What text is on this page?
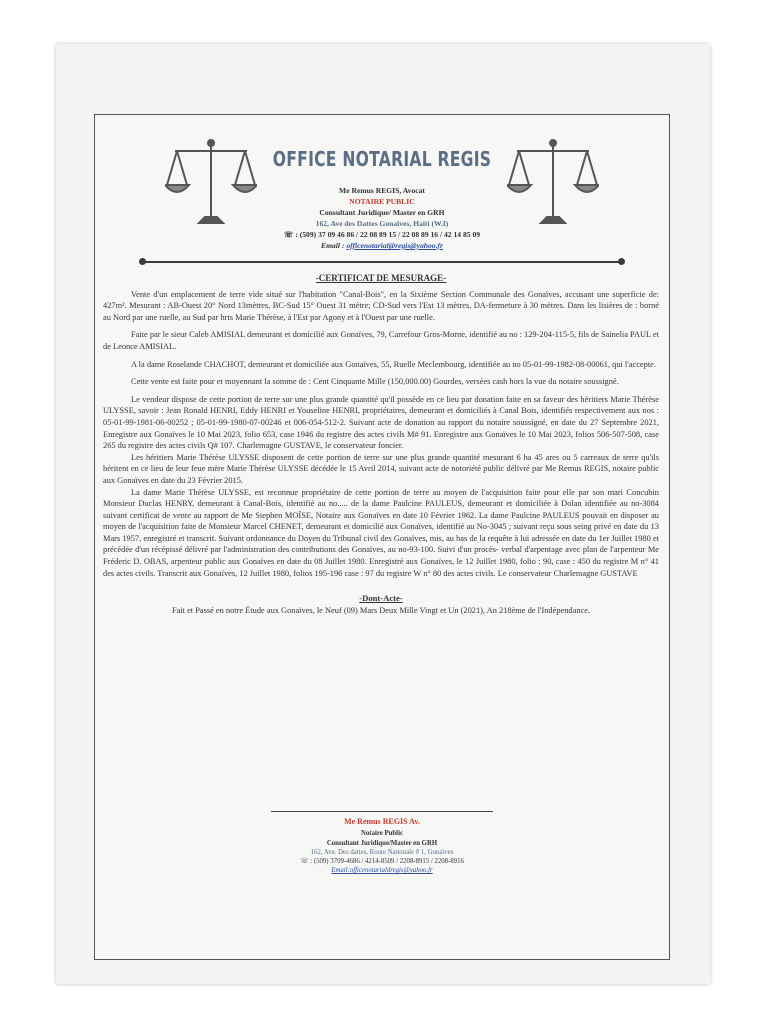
OFFICE NOTARIAL REGIS
Me Remus REGIS, Avocat
NOTAIRE PUBLIC
Consultant Juridique/ Master en GRH
162, Ave des Dattes Gonaïves, Haiti (W.I)
☏ : (509) 37 09 46 86 / 22 08 89 15 / 22 08 89 16 / 42 14 85 09
Email : officenotarial@regis@yahoo.fr
-CERTIFICAT DE MESURAGE-

Vente d'un emplacement de terre vide situé sur l'habitation "Canal-Bois", en la Sixième Section Communale des Gonaïves, accusant une superficie de: 427m². Mesurant : AB-Ouest 20° Nord 13mètres, BC-Sud 15° Ouest 31 mètre; CD-Sud vers l'Est 13 mètres, DA-fermeture à 30 mètres. Dans les lisières de : borné au Nord par une ruelle, au Sud par hrts Marie Thérèse, à l'Est par Agony et à l'Ouest par une ruelle.

Faite par le sieur Caleb AMISIAL demeurant et domicilié aux Gonaïves, 79, Carrefour Gros-Morne, identifié au no : 129-204-115-5, fils de Sainelia PAUL et de Leonce AMISIAL.

A la dame Roselande CHACHOT, demeurant et domiciliée aux Gonaïves, 55, Ruelle Meclembourg, identifiée au no 05-01-99-1982-08-00061, qui l'accepte.

Cette vente est faite pour et moyennant la somme de : Cent Cinquante Mille (150,000.00) Gourdes, versées cash hors la vue du notaire soussigné.

Le vendeur dispose de cette portion de terre sur une plus grande quantité qu'il possède en ce lieu par donation faite en sa faveur des héritiers Marie Thérèse ULYSSE, savoir : Jean Ronald HENRI, Eddy HENRI et Youseline HENRI, propriétaires, demeurant et domiciliés à Canal Bois, identifiés respectivement aux nos : 05-01-99-1981-06-00252 ; 05-01-99-1980-07-00246 et 006-054-512-2. Suivant acte de donation au rapport du notaire soussigné, en date du 27 Septembre 2021, Enregistre aux Gonaïves le 10 Mai 2023, folio 653, case 1946 du registre des actes civils M# 91. Enregistre aux Gonaïves le 10 Mai 2023, folios 506-507-508, case 265 du registre des actes civils Q# 107. Charlemagne GUSTAVE, le conservateur foncier.

Les héritiers Marie Thérèse ULYSSE disposent de cette portion de terre sur une plus grande quantité mesurant 6 ha 45 ares ou 5 carreaux de terre qu'ils héritent en ce lieu de leur feue mère Marie Thérèse ULYSSE décédée le 15 Avril 2014, suivant acte de notoriété public délivré par Me Remus REGIS, notaire public aux Gonaïves en date du 23 Février 2015.

La dame Marie Thérèse ULYSSE, est reconnue propriétaire de cette portion de terre au moyen de l'acquisition faite pour elle par son mari Concubin Monsieur Duclas HENRY, demeurant à Canal-Bois, identifié au no..... de la dame Paulcine PAULEUS, demeurant et domiciliée à Dolan identifiée au no-3084 suivant certificat de vente au rapport de Me Stephen MOÏSE, Notaire aux Gonaïves en date 10 Février 1962. La dame Paulcine PAULEUS pouvait en disposer au moyen de l'acquisition faite de Monsieur Marcel CHENET, demeurant et domicilié aux Gonaïves, identifié au No-3045 ; suivant reçu sous seing privé en date du 13 Mars 1957, enregistré et transcrit. Suivant ordonnance du Doyen du Tribunal civil des Gonaïves, mis, au bas de la requête à lui adressée en date du 1er Juillet 1980 et précédée d'un récépissé délivré par l'administration des contributions des Gonaïves, au no-93-100. Suivi d'un procès- verbal d'arpentage avec plan de l'arpenteur Me Fréderic D. OBAS, arpenteur public aux Gonaïves en date du 08 Juillet 1980. Enregistré aux Gonaïves, le 12 Juillet 1980, folio : 90, case : 450 du registre M n° 41 des actes civils. Transcrit aux Gonaïves, 12 Juillet 1980, folios 195-196 case : 97 du registre W n° 80 des actes civils. Le conservateur Charlemagne GUSTAVE

-Dont-Acte-

Fait et Passé en notre Étude aux Gonaïves, le Neuf (09) Mars Deux Mille Vingt et Un (2021), An 218ème de l'Indépendance.

Me Remus REGIS Av.
Notaire Public
Consultant Juridique/Master en GRH
162, Ave. Des dattes, Route Nationale # 1, Gonaïves
☏ : (509) 3709-4686 / 4214-8509 / 2208-8915 / 2208-8916
Email:officenotarialdregis@yahoo.fr
